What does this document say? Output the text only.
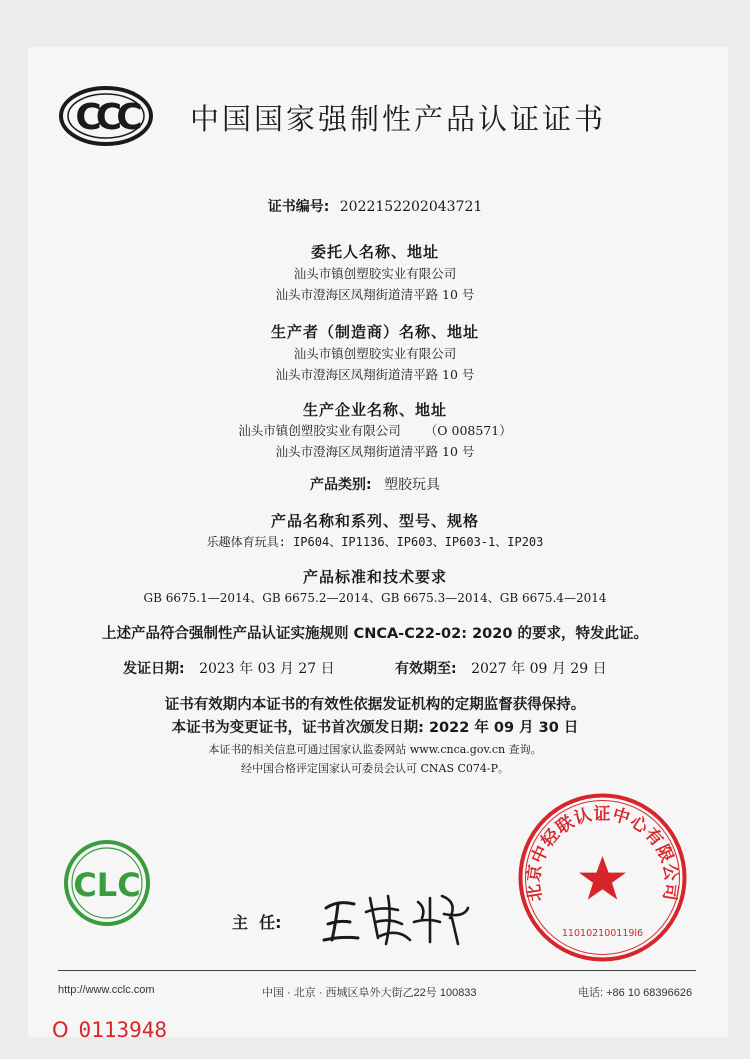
CCC 中国国家强制性产品认证证书
证书编号: 2022152202043721
委托人名称、地址
汕头市镇创塑胶实业有限公司
汕头市澄海区凤翔街道清平路 10 号
生产者（制造商）名称、地址
汕头市镇创塑胶实业有限公司
汕头市澄海区凤翔街道清平路 10 号
生产企业名称、地址
汕头市镇创塑胶实业有限公司 （O 008571）
汕头市澄海区凤翔街道清平路 10 号
产品类别: 塑胶玩具
产品名称和系列、型号、规格
乐趣体育玩具: IP604、IP1136、IP603、IP603-1、IP203
产品标准和技术要求
GB 6675.1—2014、GB 6675.2—2014、GB 6675.3—2014、GB 6675.4—2014
上述产品符合强制性产品认证实施规则 CNCA-C22-02: 2020 的要求，特发此证。
发证日期: 2023 年 03 月 27 日	有效期至: 2027 年 09 月 29 日
证书有效期内本证书的有效性依据发证机构的定期监督获得保持。
本证书为变更证书，证书首次颁发日期: 2022 年 09 月 30 日
本证书的相关信息可通过国家认监委网站 www.cnca.gov.cn 查询。
经中国合格评定国家认可委员会认可 CNAS C074-P。
CLC
主  任:
北京中轻联认证中心有限公司
110102100119l6
http://www.cclc.com	中国 · 北京 · 西城区阜外大街乙22号 100833	电话: +86 10 68396626
O 0113948
